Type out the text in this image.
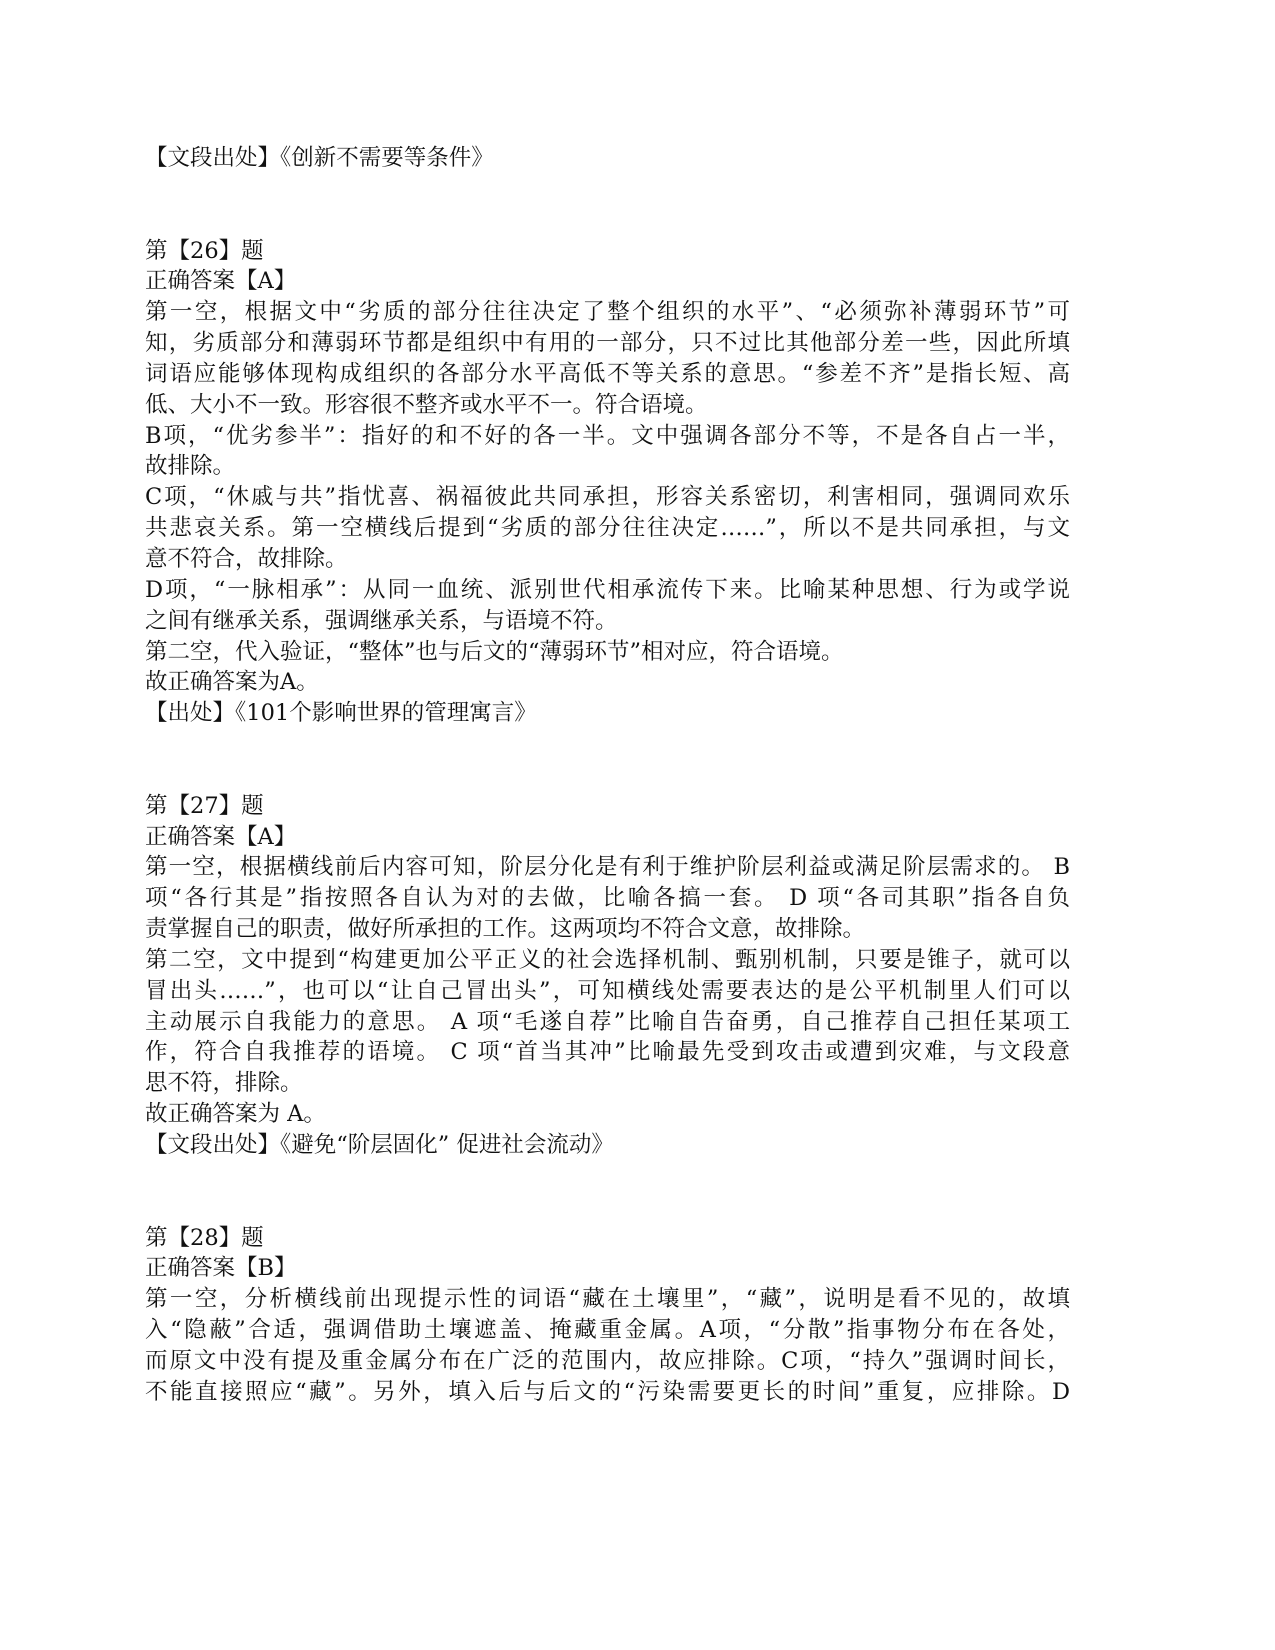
【文段出处】《创新不需要等条件》
第【26】题
正确答案【A】
第一空，根据文中“劣质的部分往往决定了整个组织的水平”、“必须弥补薄弱环节”可
知，劣质部分和薄弱环节都是组织中有用的一部分，只不过比其他部分差一些，因此所填
词语应能够体现构成组织的各部分水平高低不等关系的意思。“参差不齐”是指长短、高
低、大小不一致。形容很不整齐或水平不一。符合语境。
B项，“优劣参半”：指好的和不好的各一半。文中强调各部分不等，不是各自占一半，
故排除。
C项，“休戚与共”指忧喜、祸福彼此共同承担，形容关系密切，利害相同，强调同欢乐
共悲哀关系。第一空横线后提到“劣质的部分往往决定……”，所以不是共同承担，与文
意不符合，故排除。
D项，“一脉相承”：从同一血统、派别世代相承流传下来。比喻某种思想、行为或学说
之间有继承关系，强调继承关系，与语境不符。
第二空，代入验证，“整体”也与后文的“薄弱环节”相对应，符合语境。
故正确答案为A。
【出处】《101个影响世界的管理寓言》
第【27】题
正确答案【A】
第一空，根据横线前后内容可知，阶层分化是有利于维护阶层利益或满足阶层需求的。 B
项“各行其是”指按照各自认为对的去做，比喻各搞一套。 D 项“各司其职”指各自负
责掌握自己的职责，做好所承担的工作。这两项均不符合文意，故排除。
第二空，文中提到“构建更加公平正义的社会选择机制、甄别机制，只要是锥子，就可以
冒出头……”，也可以“让自己冒出头”，可知横线处需要表达的是公平机制里人们可以
主动展示自我能力的意思。 A 项“毛遂自荐”比喻自告奋勇，自己推荐自己担任某项工
作，符合自我推荐的语境。 C 项“首当其冲”比喻最先受到攻击或遭到灾难，与文段意
思不符，排除。
故正确答案为 A。
【文段出处】《避免“阶层固化” 促进社会流动》
第【28】题
正确答案【B】
第一空，分析横线前出现提示性的词语“藏在土壤里”，“藏”，说明是看不见的，故填
入“隐蔽”合适，强调借助土壤遮盖、掩藏重金属。A项，“分散”指事物分布在各处，
而原文中没有提及重金属分布在广泛的范围内，故应排除。C项，“持久”强调时间长，
不能直接照应“藏”。另外，填入后与后文的“污染需要更长的时间”重复，应排除。D
